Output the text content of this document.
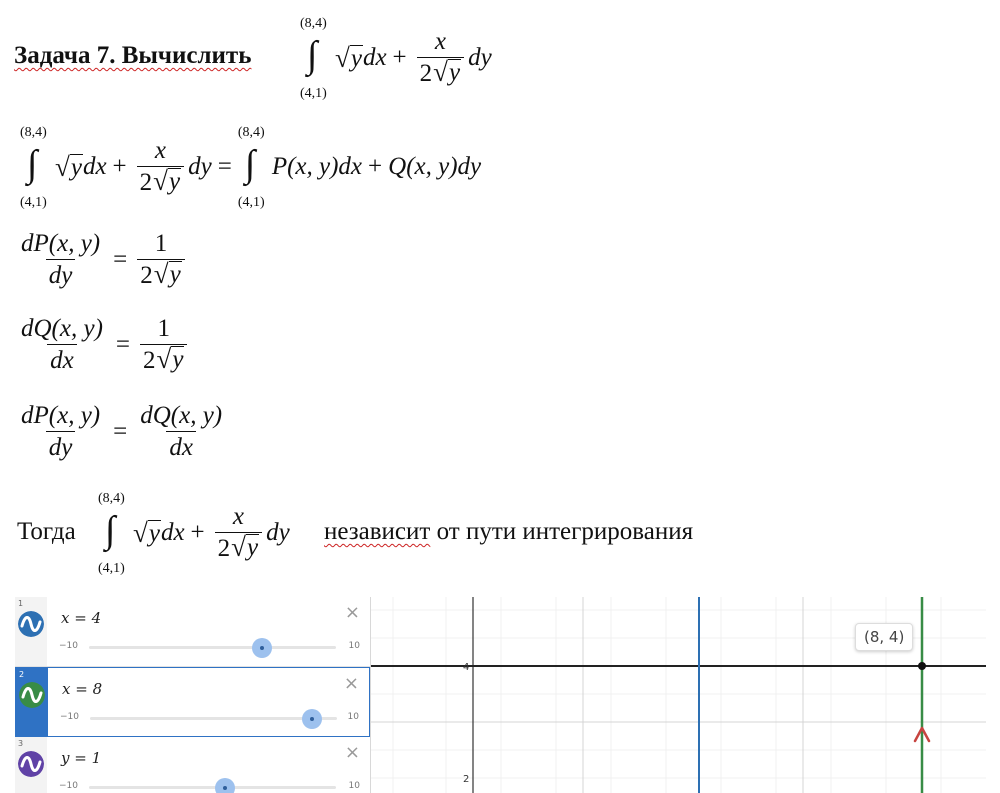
Задача 7. Вычислить
(8,4)
∫
(4,1)
√ y dx + $\frac{x}{2 √ y}$ dy
(8,4)
∫
(4,1)
√ y dx + $\frac{x}{2 √ y}$ dy =
(8,4)
∫
(4,1)
P(x, y)dx + Q(x, y)dy
$\frac{dP(x, y)}{dy} = \frac{1}{2 √ y}$
$\frac{dQ(x, y)}{dx} = \frac{1}{2 √ y}$
$\frac{dP(x, y)}{dy} = \frac{dQ(x, y)}{dx}$
Тогда
(8,4)
∫
(4,1)
√ y dx + $\frac{x}{2 √ y}$ dy независит от пути интегрирования
1
x = 4	×
−10	10
2
x = 8	×
−10	10
3
y = 1	×
−10	10
4
2
(8, 4)
